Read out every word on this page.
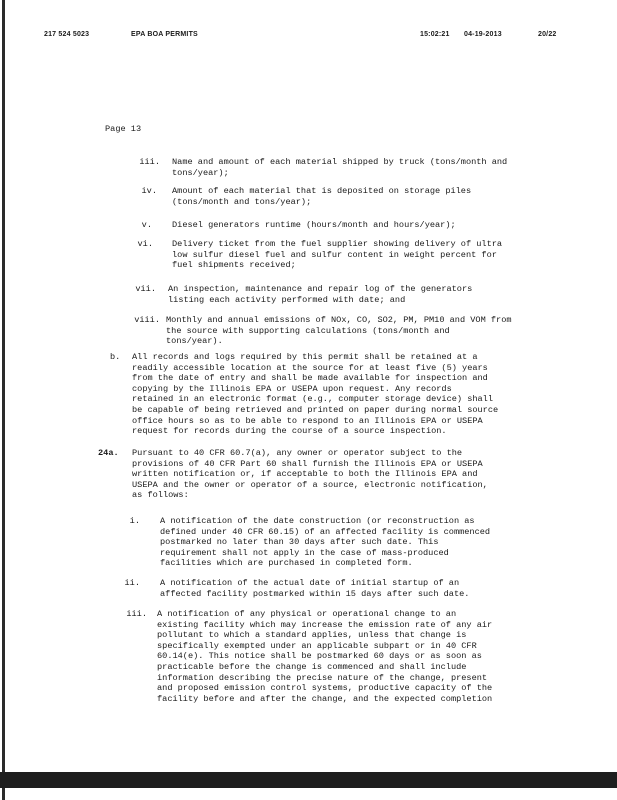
217 524 5023	EPA BOA PERMITS	15:02:21 04-19-2013	20/22
Page 13
iii. Name and amount of each material shipped by truck (tons/month and
tons/year);
iv. Amount of each material that is deposited on storage piles
(tons/month and tons/year);
v. Diesel generators runtime (hours/month and hours/year);
vi. Delivery ticket from the fuel supplier showing delivery of ultra
low sulfur diesel fuel and sulfur content in weight percent for
fuel shipments received;
vii. An inspection, maintenance and repair log of the generators
listing each activity performed with date; and
viii. Monthly and annual emissions of NOx, CO, SO2, PM, PM10 and VOM from
the source with supporting calculations (tons/month and
tons/year).
b. All records and logs required by this permit shall be retained at a
readily accessible location at the source for at least five (5) years
from the date of entry and shall be made available for inspection and
copying by the Illinois EPA or USEPA upon request. Any records
retained in an electronic format (e.g., computer storage device) shall
be capable of being retrieved and printed on paper during normal source
office hours so as to be able to respond to an Illinois EPA or USEPA
request for records during the course of a source inspection.
24a. Pursuant to 40 CFR 60.7(a), any owner or operator subject to the
provisions of 40 CFR Part 60 shall furnish the Illinois EPA or USEPA
written notification or, if acceptable to both the Illinois EPA and
USEPA and the owner or operator of a source, electronic notification,
as follows:
i. A notification of the date construction (or reconstruction as
defined under 40 CFR 60.15) of an affected facility is commenced
postmarked no later than 30 days after such date. This
requirement shall not apply in the case of mass-produced
facilities which are purchased in completed form.
ii. A notification of the actual date of initial startup of an
affected facility postmarked within 15 days after such date.
iii. A notification of any physical or operational change to an
existing facility which may increase the emission rate of any air
pollutant to which a standard applies, unless that change is
specifically exempted under an applicable subpart or in 40 CFR
60.14(e). This notice shall be postmarked 60 days or as soon as
practicable before the change is commenced and shall include
information describing the precise nature of the change, present
and proposed emission control systems, productive capacity of the
facility before and after the change, and the expected completion
